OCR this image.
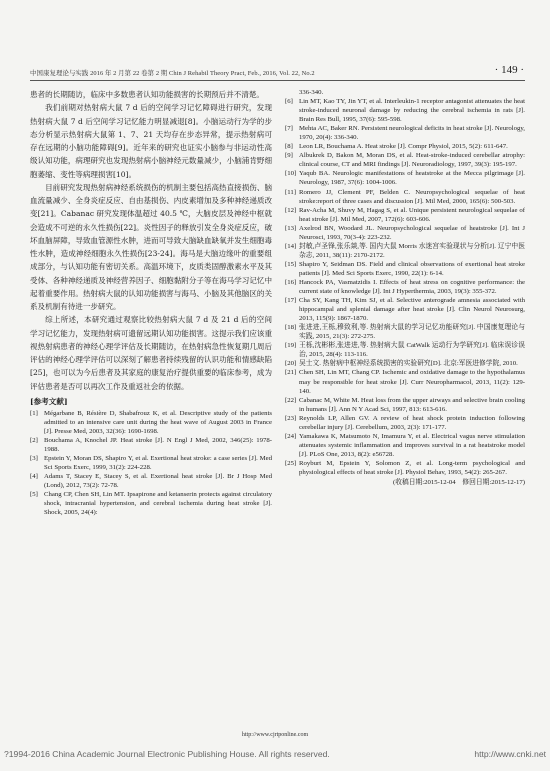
中国康复理论与实践 2016 年 2 月第 22 卷第 2 期 Chin J Rehabil Theory Pract, Feb., 2016, Vol. 22, No.2	· 149 ·

患者的长期随访，临床中多数患者认知功能损害的长期预后并不清楚。

我们前期对热射病大鼠 7 d 后的空间学习记忆障碍进行研究，发现热射病大鼠 7 d 后空间学习记忆能力明显减退[8]。小脑运动行为学的步态分析显示热射病大鼠第 1、7、21 天均存在步态异常，提示热射病可存在远期的小脑功能障碍[9]。近年来的研究也证实小脑参与非运动性高级认知功能，病理研究也发现热射病小脑神经元数量减少，小脑浦肯野细胞萎缩、变性等病理损害[10]。

目前研究发现热射病神经系统损伤的机制主要包括高热直接损伤、脑血流量减少、全身炎症反应、自由基损伤、内皮素增加及多种神经递质改变[21]。Cabanac 研究发现体温超过 40.5 ℃，大脑皮层及神经中枢就会造成不可逆的永久性损伤[22]。炎性因子的释放引发全身炎症反应，破坏血脑屏障，导致血管源性水肿，进而可导致大脑缺血缺氧并发生细胞毒性水肿，造成神经细胞永久性损伤[23-24]。海马是大脑边缘叶的重要组成部分，与认知功能有密切关系。高温环境下，皮质类固醇激素水平及其受体、各种神经递质及神经营养因子、细胞黏附分子等在海马学习记忆中起着重要作用。热射病大鼠的认知功能损害与海马、小脑及其他脑区的关系及机制有待进一步研究。

综上所述，本研究通过观察比较热射病大鼠 7 d 及 21 d 后的空间学习记忆能力，发现热射病可遗留远期认知功能损害。这提示我们应该重视热射病患者的神经心理学评估及长期随访，在热射病急性恢复期几周后评估的神经心理学评估可以深刻了解患者持续残留的认识功能和情感缺陷[25]，也可以为今后患者及其家庭的康复治疗提供重要的临床参考，成为评估患者是否可以再次工作及重返社会的依据。

[参考文献]
[1] Mégarbane B, Résière D, Shabafrouz K, et al. Descriptive study of the patients admitted to an intensive care unit during the heat wave of August 2003 in France [J]. Presse Med, 2003, 32(36): 1690-1698.
[2] Bouchama A, Knochel JP. Heat stroke [J]. N Engl J Med, 2002, 346(25): 1978-1988.
[3] Epstein Y, Moran DS, Shapiro Y, et al. Exertional heat stroke: a case series [J]. Med Sci Sports Exerc, 1999, 31(2): 224-228.
[4] Adams T, Stacey E, Stacey S, et al. Exertional heat stroke [J]. Br J Hosp Med (Lond), 2012, 73(2): 72-78.
[5] Chang CP, Chen SH, Lin MT. Ipsapirone and ketanserin protects against circulatory shock, intracranial hypertension, and cerebral ischemia during heat stroke [J]. Shock, 2005, 24(4):
336-340.
[6] Lin MT, Kao TY, Jin YT, et al. Interleukin-1 receptor antagonist attenuates the heat stroke-induced neuronal damage by reducing the cerebral ischemia in rats [J]. Brain Res Bull, 1995, 37(6): 595-598.
[7] Mehta AC, Baker RN. Persistent neurological deficits in heat stroke [J]. Neurology, 1970, 20(4): 336-340.
[8] Leon LR, Bouchama A. Heat stroke [J]. Compr Physiol, 2015, 5(2): 611-647.
[9] Albukrek D, Bakon M, Moran DS, et al. Heat-stroke-induced cerebellar atrophy: clinical course, CT and MRI findings [J]. Neuroradiology, 1997, 39(3): 195-197.
[10] Yaqub BA. Neurologic manifestations of heatstroke at the Mecca pilgrimage [J]. Neurology, 1987, 37(6): 1004-1006.
[11] Romero JJ, Clement PF, Belden C. Neuropsychological sequelae of heat stroke:report of three cases and discussion [J]. Mil Med, 2000, 165(6): 500-503.
[12] Rav-Acha M, Shuvy M, Hagag S, et al. Unique persistent neurological sequelae of heat stroke [J]. Mil Med, 2007, 172(6): 603-606.
[13] Axelrod BN, Woodard JL. Neuropsychological sequelae of heatstroke [J]. Int J Neurosci, 1993, 70(3-4): 223-232.
[14] 封敏,卢圣锋,张乐燚,等. 国内大鼠 Morris 水迷宫实验现状与分析[J]. 辽宁中医杂志, 2011, 38(11): 2170-2172.
[15] Shapiro Y, Seidman DS. Field and clinical observations of exertional heat stroke patients [J]. Med Sci Sports Exerc, 1990, 22(1): 6-14.
[16] Hancock PA, Vasmatzidis I. Effects of heat stress on cognitive performance: the current state of knowledge [J]. Int J Hyperthermia, 2003, 19(3): 355-372.
[17] Cha SY, Kang TH, Kim SJ, et al. Selective anterograde amnesia associated with hippocampal and splenial damage after heat stroke [J]. Clin Neurol Neurosurg, 2013, 115(9): 1867-1870.
[18] 张进进,王栎,穆致利,等. 热射病大鼠的学习记忆功能研究[J]. 中国康复理论与实践, 2015, 21(3): 272-275.
[19] 王栎,沈彬彬,张进进,等. 热射病大鼠 CatWalk 运动行为学研究[J]. 临床误诊误治, 2015, 28(4): 113-116.
[20] 吴士文. 热射病中枢神经系统损害的实验研究[D]. 北京:军医进修学院, 2010.
[21] Chen SH, Lin MT, Chang CP. Ischemic and oxidative damage to the hypothalamus may be responsible for heat stroke [J]. Curr Neuropharmacol, 2013, 11(2): 129-140.
[22] Cabanac M, White M. Heat loss from the upper airways and selective brain cooling in humans [J]. Ann N Y Acad Sci, 1997, 813: 613-616.
[23] Reynolds LP, Allen GV. A review of heat shock protein induction following cerebellar injury [J]. Cerebellum, 2003, 2(3): 171-177.
[24] Yamakawa K, Matsumoto N, Imamura Y, et al. Electrical vagus nerve stimulation attenuates systemic inflammation and improves survival in a rat heatstroke model [J]. PLoS One, 2013, 8(2): e56728.
[25] Royburt M, Epstein Y, Solomon Z, et al. Long-term psychological and physiological effects of heat stroke [J]. Physiol Behav, 1993, 54(2): 265-267.
(收稿日期:2015-12-04　修回日期:2015-12-17)
http://www.cjrtponline.com
?1994-2016 China Academic Journal Electronic Publishing House. All rights reserved.	http://www.cnki.net
